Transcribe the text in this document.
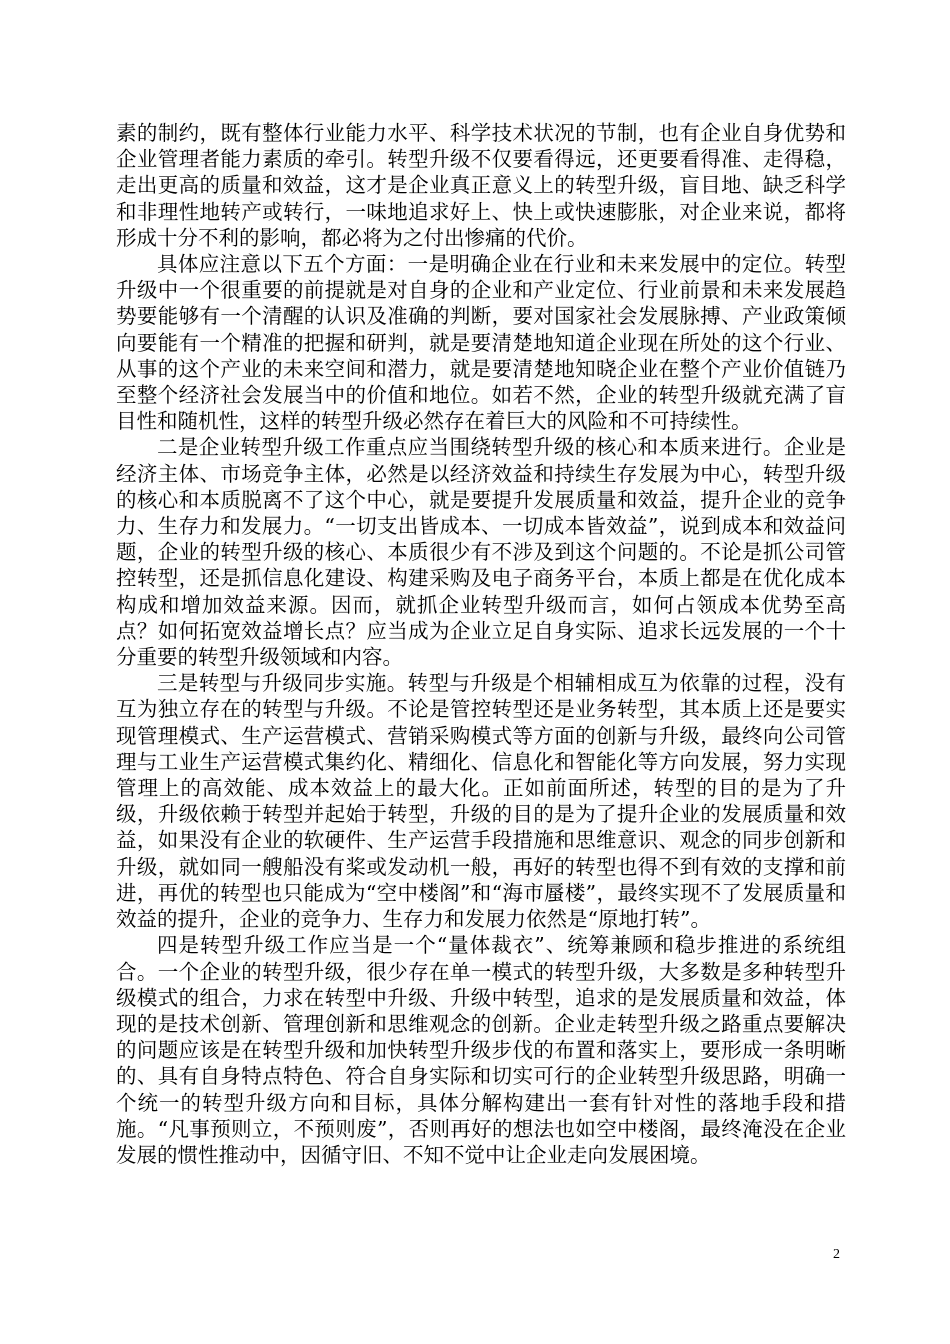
素的制约，既有整体行业能力水平、科学技术状况的节制，也有企业自身优势和企业管理者能力素质的牵引。转型升级不仅要看得远，还更要看得准、走得稳，走出更高的质量和效益，这才是企业真正意义上的转型升级，盲目地、缺乏科学和非理性地转产或转行，一味地追求好上、快上或快速膨胀，对企业来说，都将形成十分不利的影响，都必将为之付出惨痛的代价。

具体应注意以下五个方面：一是明确企业在行业和未来发展中的定位。转型升级中一个很重要的前提就是对自身的企业和产业定位、行业前景和未来发展趋势要能够有一个清醒的认识及准确的判断，要对国家社会发展脉搏、产业政策倾向要能有一个精准的把握和研判，就是要清楚地知道企业现在所处的这个行业、从事的这个产业的未来空间和潜力，就是要清楚地知晓企业在整个产业价值链乃至整个经济社会发展当中的价值和地位。如若不然，企业的转型升级就充满了盲目性和随机性，这样的转型升级必然存在着巨大的风险和不可持续性。

二是企业转型升级工作重点应当围绕转型升级的核心和本质来进行。企业是经济主体、市场竞争主体，必然是以经济效益和持续生存发展为中心，转型升级的核心和本质脱离不了这个中心，就是要提升发展质量和效益，提升企业的竞争力、生存力和发展力。“一切支出皆成本、一切成本皆效益”，说到成本和效益问题，企业的转型升级的核心、本质很少有不涉及到这个问题的。不论是抓公司管控转型，还是抓信息化建设、构建采购及电子商务平台，本质上都是在优化成本构成和增加效益来源。因而，就抓企业转型升级而言，如何占领成本优势至高点？如何拓宽效益增长点？应当成为企业立足自身实际、追求长远发展的一个十分重要的转型升级领域和内容。

三是转型与升级同步实施。转型与升级是个相辅相成互为依靠的过程，没有互为独立存在的转型与升级。不论是管控转型还是业务转型，其本质上还是要实现管理模式、生产运营模式、营销采购模式等方面的创新与升级，最终向公司管理与工业生产运营模式集约化、精细化、信息化和智能化等方向发展，努力实现管理上的高效能、成本效益上的最大化。正如前面所述，转型的目的是为了升级，升级依赖于转型并起始于转型，升级的目的是为了提升企业的发展质量和效益，如果没有企业的软硬件、生产运营手段措施和思维意识、观念的同步创新和升级，就如同一艘船没有桨或发动机一般，再好的转型也得不到有效的支撑和前进，再优的转型也只能成为“空中楼阁”和“海市蜃楼”，最终实现不了发展质量和效益的提升，企业的竞争力、生存力和发展力依然是“原地打转”。

四是转型升级工作应当是一个“量体裁衣”、统筹兼顾和稳步推进的系统组合。一个企业的转型升级，很少存在单一模式的转型升级，大多数是多种转型升级模式的组合，力求在转型中升级、升级中转型，追求的是发展质量和效益，体现的是技术创新、管理创新和思维观念的创新。企业走转型升级之路重点要解决的问题应该是在转型升级和加快转型升级步伐的布置和落实上，要形成一条明晰的、具有自身特点特色、符合自身实际和切实可行的企业转型升级思路，明确一个统一的转型升级方向和目标，具体分解构建出一套有针对性的落地手段和措施。“凡事预则立，不预则废”，否则再好的想法也如空中楼阁，最终淹没在企业发展的惯性推动中，因循守旧、不知不觉中让企业走向发展困境。

2
